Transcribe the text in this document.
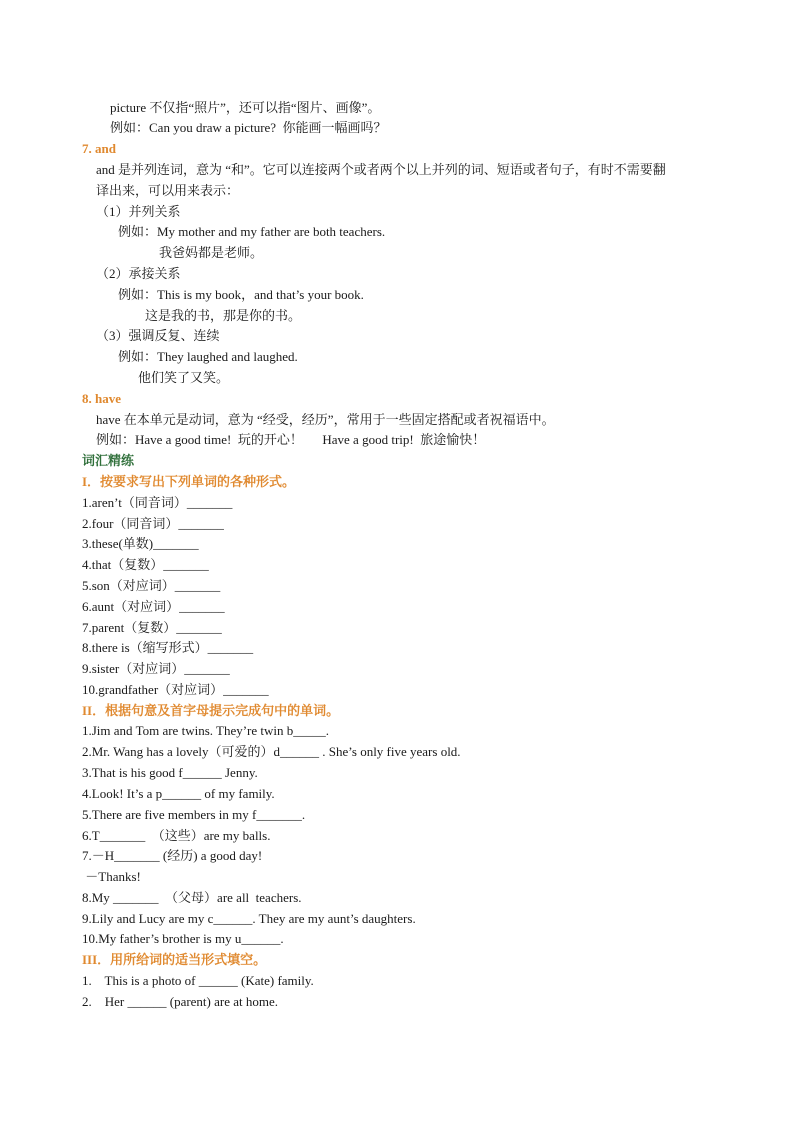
picture 不仅指“照片”，还可以指“图片、画像”。
例如：Can you draw a picture?  你能画一幅画吗？
7. and
and 是并列连词，意为 “和”。它可以连接两个或者两个以上并列的词、短语或者句子，有时不需要翻
译出来，可以用来表示：
（1）并列关系
例如：My mother and my father are both teachers.
我爸妈都是老师。
（2）承接关系
例如：This is my book，and that’s your book.
这是我的书，那是你的书。
（3）强调反复、连续
例如：They laughed and laughed.
他们笑了又笑。
8. have
have 在本单元是动词，意为 “经受，经历”，常用于一些固定搭配或者祝福语中。
例如：Have a good time!  玩的开心！      Have a good trip!  旅途愉快！
词汇精练
I．按要求写出下列单词的各种形式。
1.aren’t（同音词）_______
2.four（同音词）_______
3.these(单数)_______
4.that（复数）_______
5.son（对应词）_______
6.aunt（对应词）_______
7.parent（复数）_______
8.there is（缩写形式）_______
9.sister（对应词）_______
10.grandfather（对应词）_______
II．根据句意及首字母提示完成句中的单词。
1.Jim and Tom are twins. They’re twin b_____.
2.Mr. Wang has a lovely（可爱的）d______ . She’s only five years old.
3.That is his good f______ Jenny.
4.Look! It’s a p______ of my family.
5.There are five members in my f_______.
6.T_______  （这些）are my balls.
7.－H_______ (经历) a good day!
－Thanks!
8.My _______  （父母）are all  teachers.
9.Lily and Lucy are my c______. They are my aunt’s daughters.
10.My father’s brother is my u______.
III．用所给词的适当形式填空。
1.    This is a photo of ______ (Kate) family.
2.    Her ______ (parent) are at home.
